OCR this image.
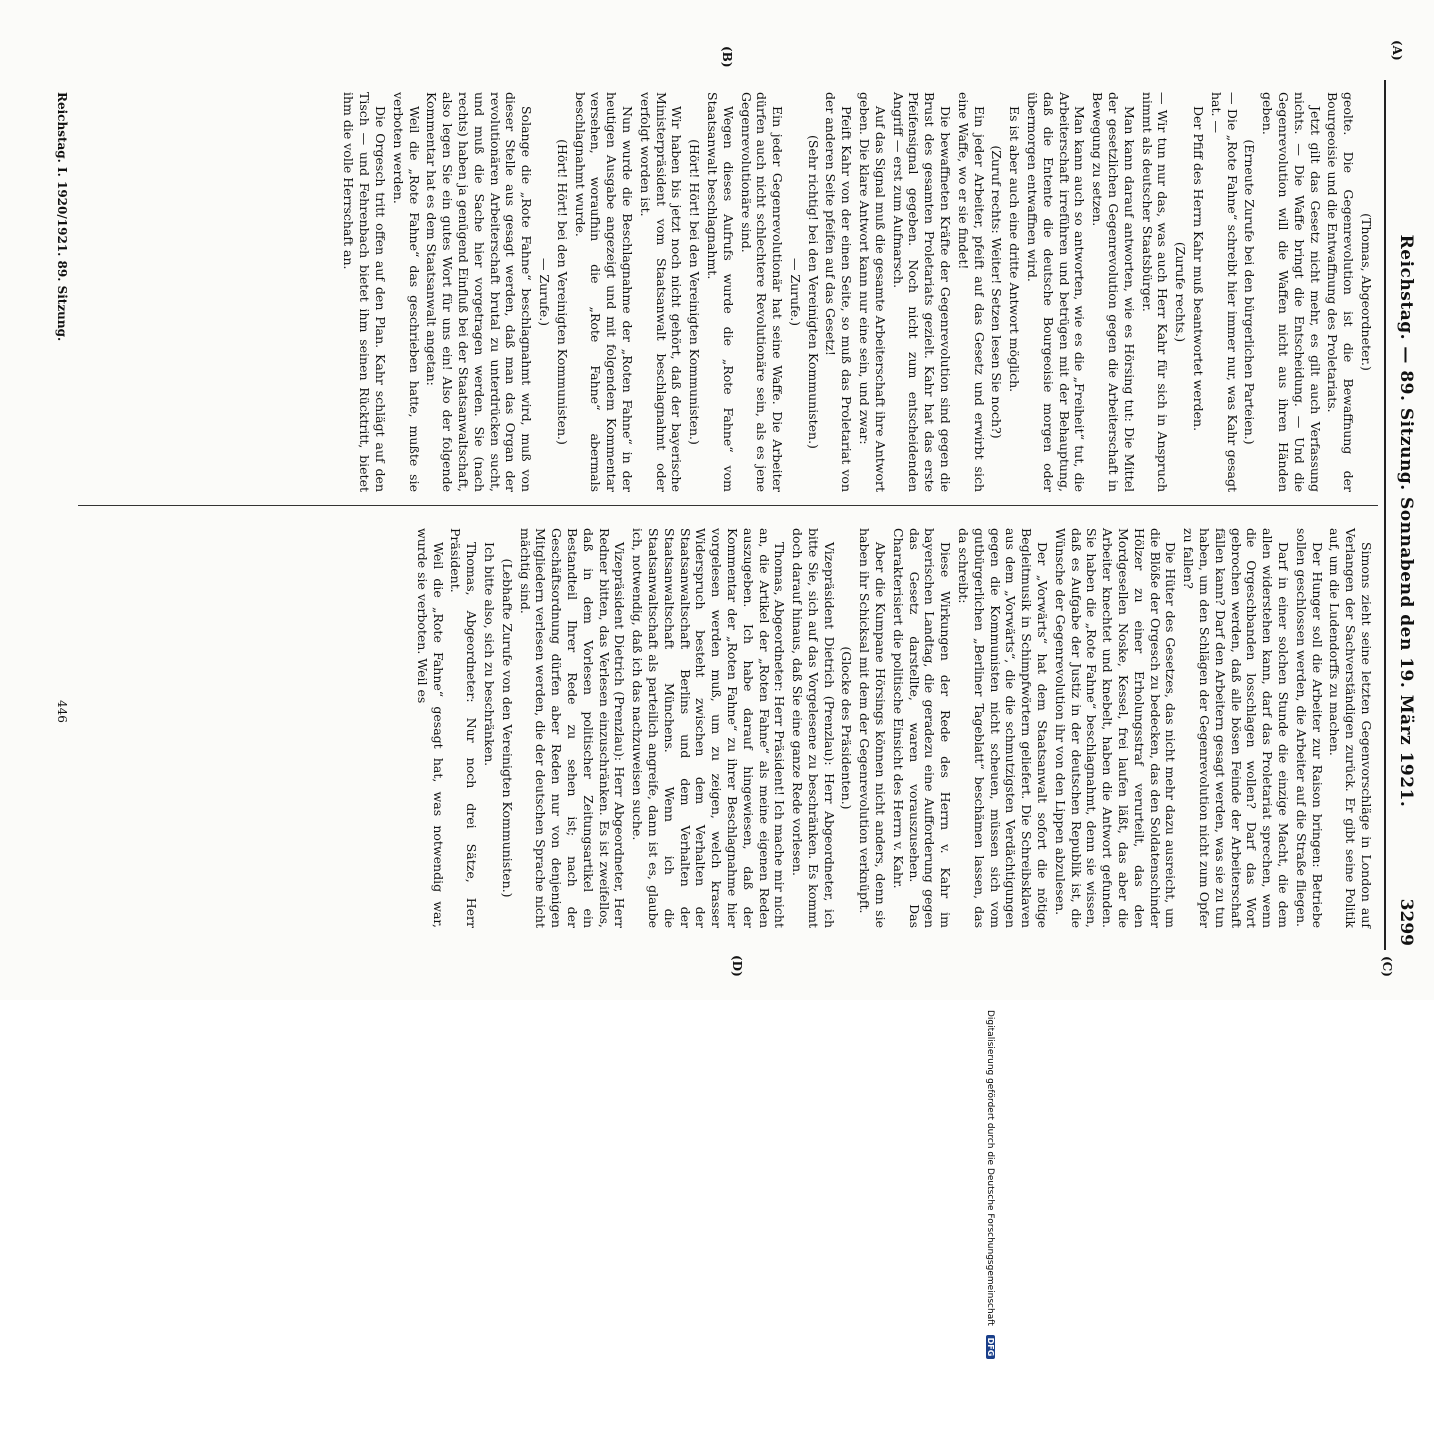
Reichstag. — 89. Sitzung. Sonnabend den 19. März 1921.
3299
(A)
(B)
(C)
(D)

(Thomas, Abgeordneter.)

geolte. Die Gegenrevolution ist die Bewaffnung der Bourgeoisie und die Entwaffnung des Proletariats.

Jetzt gilt das Gesetz nicht mehr, es gilt auch Verfassung nichts. — Die Waffe bringt die Entscheidung. — Und die Gegenrevolution will die Waffen nicht aus ihren Händen geben.

(Erneute Zurufe bei den bürgerlichen Parteien.)

— Die „Rote Fahne“ schreibt hier immer nur, was Kahr gesagt hat. —

Der Pfiff des Herrn Kahr muß beantwortet werden.

(Zurufe rechts.)

— Wir tun nur das, was auch Herr Kahr für sich in Anspruch nimmt als deutscher Staatsbürger.

Man kann darauf antworten, wie es Hörsing tut: Die Mittel der gesetzlichen Gegenrevolution gegen die Arbeiterschaft in Bewegung zu setzen.

Man kann auch so antworten, wie es die „Freiheit“ tut, die Arbeiterschaft irreführen und betrügen mit der Behauptung, daß die Entente die deutsche Bourgeoisie morgen oder übermorgen entwaffnen wird.

Es ist aber auch eine dritte Antwort möglich.

(Zuruf rechts: Weiter! Setzen lesen Sie noch?)

Ein jeder Arbeiter, pfeift auf das Gesetz und erwirbt sich eine Waffe, wo er sie findet!

Die bewaffneten Kräfte der Gegenrevolution sind gegen die Brust des gesamten Proletariats gezielt. Kahr hat das erste Pfeifensignal gegeben. Noch nicht zum entscheidenden Angriff — erst zum Aufmarsch.

Auf das Signal muß die gesamte Arbeiterschaft ihre Antwort geben. Die klare Antwort kann nur eine sein, und zwar:

Pfeift Kahr von der einen Seite, so muß das Proletariat von der anderen Seite pfeifen auf das Gesetz!

(Sehr richtig! bei den Vereinigten Kommunisten.)

— Zurufe.)

Ein jeder Gegenrevolutionär hat seine Waffe. Die Arbeiter dürfen auch nicht schlechtere Revolutionäre sein, als es jene Gegenrevolutionäre sind.

Wegen dieses Aufrufs wurde die „Rote Fahne“ vom Staatsanwalt beschlagnahmt.

(Hört! Hört! bei den Vereinigten Kommunisten.)

Wir haben bis jetzt noch nicht gehört, daß der bayerische Ministerpräsident vom Staatsanwalt beschlagnahmt oder verfolgt worden ist.

Nun wurde die Beschlagnahme der „Roten Fahne“ in der heutigen Ausgabe angezeigt und mit folgendem Kommentar versehen, woraufhin die „Rote Fahne“ abermals beschlagnahmt wurde.

(Hört! Hört! bei den Vereinigten Kommunisten.)

— Zurufe.)

Solange die „Rote Fahne“ beschlagnahmt wird, muß von dieser Stelle aus gesagt werden, daß man das Organ der revolutionären Arbeiterschaft brutal zu unterdrücken sucht, und muß die Sache hier vorgetragen werden. Sie (nach rechts) haben ja genügend Einfluß bei der Staatsanwaltschaft, also legen Sie ein gutes Wort für uns ein! Also der folgende Kommentar hat es dem Staatsanwalt angetan:

Weil die „Rote Fahne“ das geschrieben hatte, mußte sie verboten werden.

Die Orgesch tritt offen auf den Plan. Kahr schlägt auf den Tisch — und Fehrenbach bietet ihm seinen Rücktritt, bietet ihm die volle Herrschaft an.

Simons zieht seine letzten Gegenvorschläge in London auf Verlangen der Sachverständigen zurück. Er gibt seine Politik auf, um die Ludendorffs zu machen.

Der Hunger soll die Arbeiter zur Raison bringen: Betriebe sollen geschlossen werden, die Arbeiter auf die Straße fliegen.

Darf in einer solchen Stunde die einzige Macht, die dem allen widerstehen kann, darf das Proletariat sprechen, wenn die Orgeschbanden losschlagen wollen? Darf das Wort gebrochen werden, daß alle bösen Feinde der Arbeiterschaft fällen kann? Darf den Arbeitern gesagt werden, was sie zu tun haben, um den Schlägen der Gegenrevolution nicht zum Opfer zu fallen?

Die Hüter des Gesetzes, das nicht mehr dazu ausreicht, um die Blöße der Orgesch zu bedecken, das den Soldatenschinder Hölzer zu einer Erholungsstraf verurteilt, das den Mordgesellen Noske, Kessel, frei laufen läßt, das aber die Arbeiter knechtet und knebelt, haben die Antwort gefunden. Sie haben die „Rote Fahne“ beschlagnahmt, denn sie wissen, daß es Aufgabe der Justiz in der deutschen Republik ist, die Wünsche der Gegenrevolution ihr von den Lippen abzulesen.

Der „Vorwärts“ hat dem Staatsanwalt sofort die nötige Begleitmusik in Schimpfwörtern geliefert. Die Schreibsklaven aus dem „Vorwärts“, die die schmutzigsten Verdächtigungen gegen die Kommunisten nicht scheuen, müssen sich vom gutbürgerlichen „Berliner Tageblatt“ beschämen lassen, das da schreibt:

Diese Wirkungen der Rede des Herrn v. Kahr im bayerischen Landtag, die geradezu eine Aufforderung gegen das Gesetz darstellte, waren vorauszusehen. Das Charakterisiert die politische Einsicht des Herrn v. Kahr.

Aber die Kumpane Hörsings können nicht anders, denn sie haben ihr Schicksal mit dem der Gegenrevolution verknüpft.

(Glocke des Präsidenten.)

Vizepräsident Dietrich (Prenzlau): Herr Abgeordneter, ich bitte Sie, sich auf das Vorgelesene zu beschränken. Es kommt doch darauf hinaus, daß Sie eine ganze Rede vorlesen.

Thomas, Abgeordneter: Herr Präsident! Ich mache mir nicht an, die Artikel der „Roten Fahne“ als meine eigenen Reden auszugeben. Ich habe darauf hingewiesen, daß der Kommentar der „Roten Fahne“ zu ihrer Beschlagnahme hier vorgelesen werden muß, um zu zeigen, welch krasser Widerspruch besteht zwischen dem Verhalten der Staatsanwaltschaft Berlins und dem Verhalten der Staatsanwaltschaft Münchens. Wenn ich die Staatsanwaltschaft als parteilich angreife, dann ist es, glaube ich, notwendig, daß ich das nachzuweisen suche.

Vizepräsident Dietrich (Prenzlau): Herr Abgeordneter, Herr Redner bitten, das Verlesen einzuschränken. Es ist zweifellos, daß in dem Vorlesen politischer Zeitungsartikel ein Bestandteil Ihrer Rede zu sehen ist; nach der Geschäftsordnung dürfen aber Reden nur von denjenigen Mitgliedern verlesen werden, die der deutschen Sprache nicht mächtig sind.

(Lebhafte Zurufe von den Vereinigten Kommunisten.)

Ich bitte also, sich zu beschränken.

Thomas, Abgeordneter: Nur noch drei Sätze, Herr Präsident.

Weil die „Rote Fahne“ gesagt hat, was notwendig war, wurde sie verboten. Weil es

Reichstag. I. 1920/1921. 89. Sitzung.
446
Digitalisierung gefördert durch die Deutsche Forschungsgemeinschaft DFG
